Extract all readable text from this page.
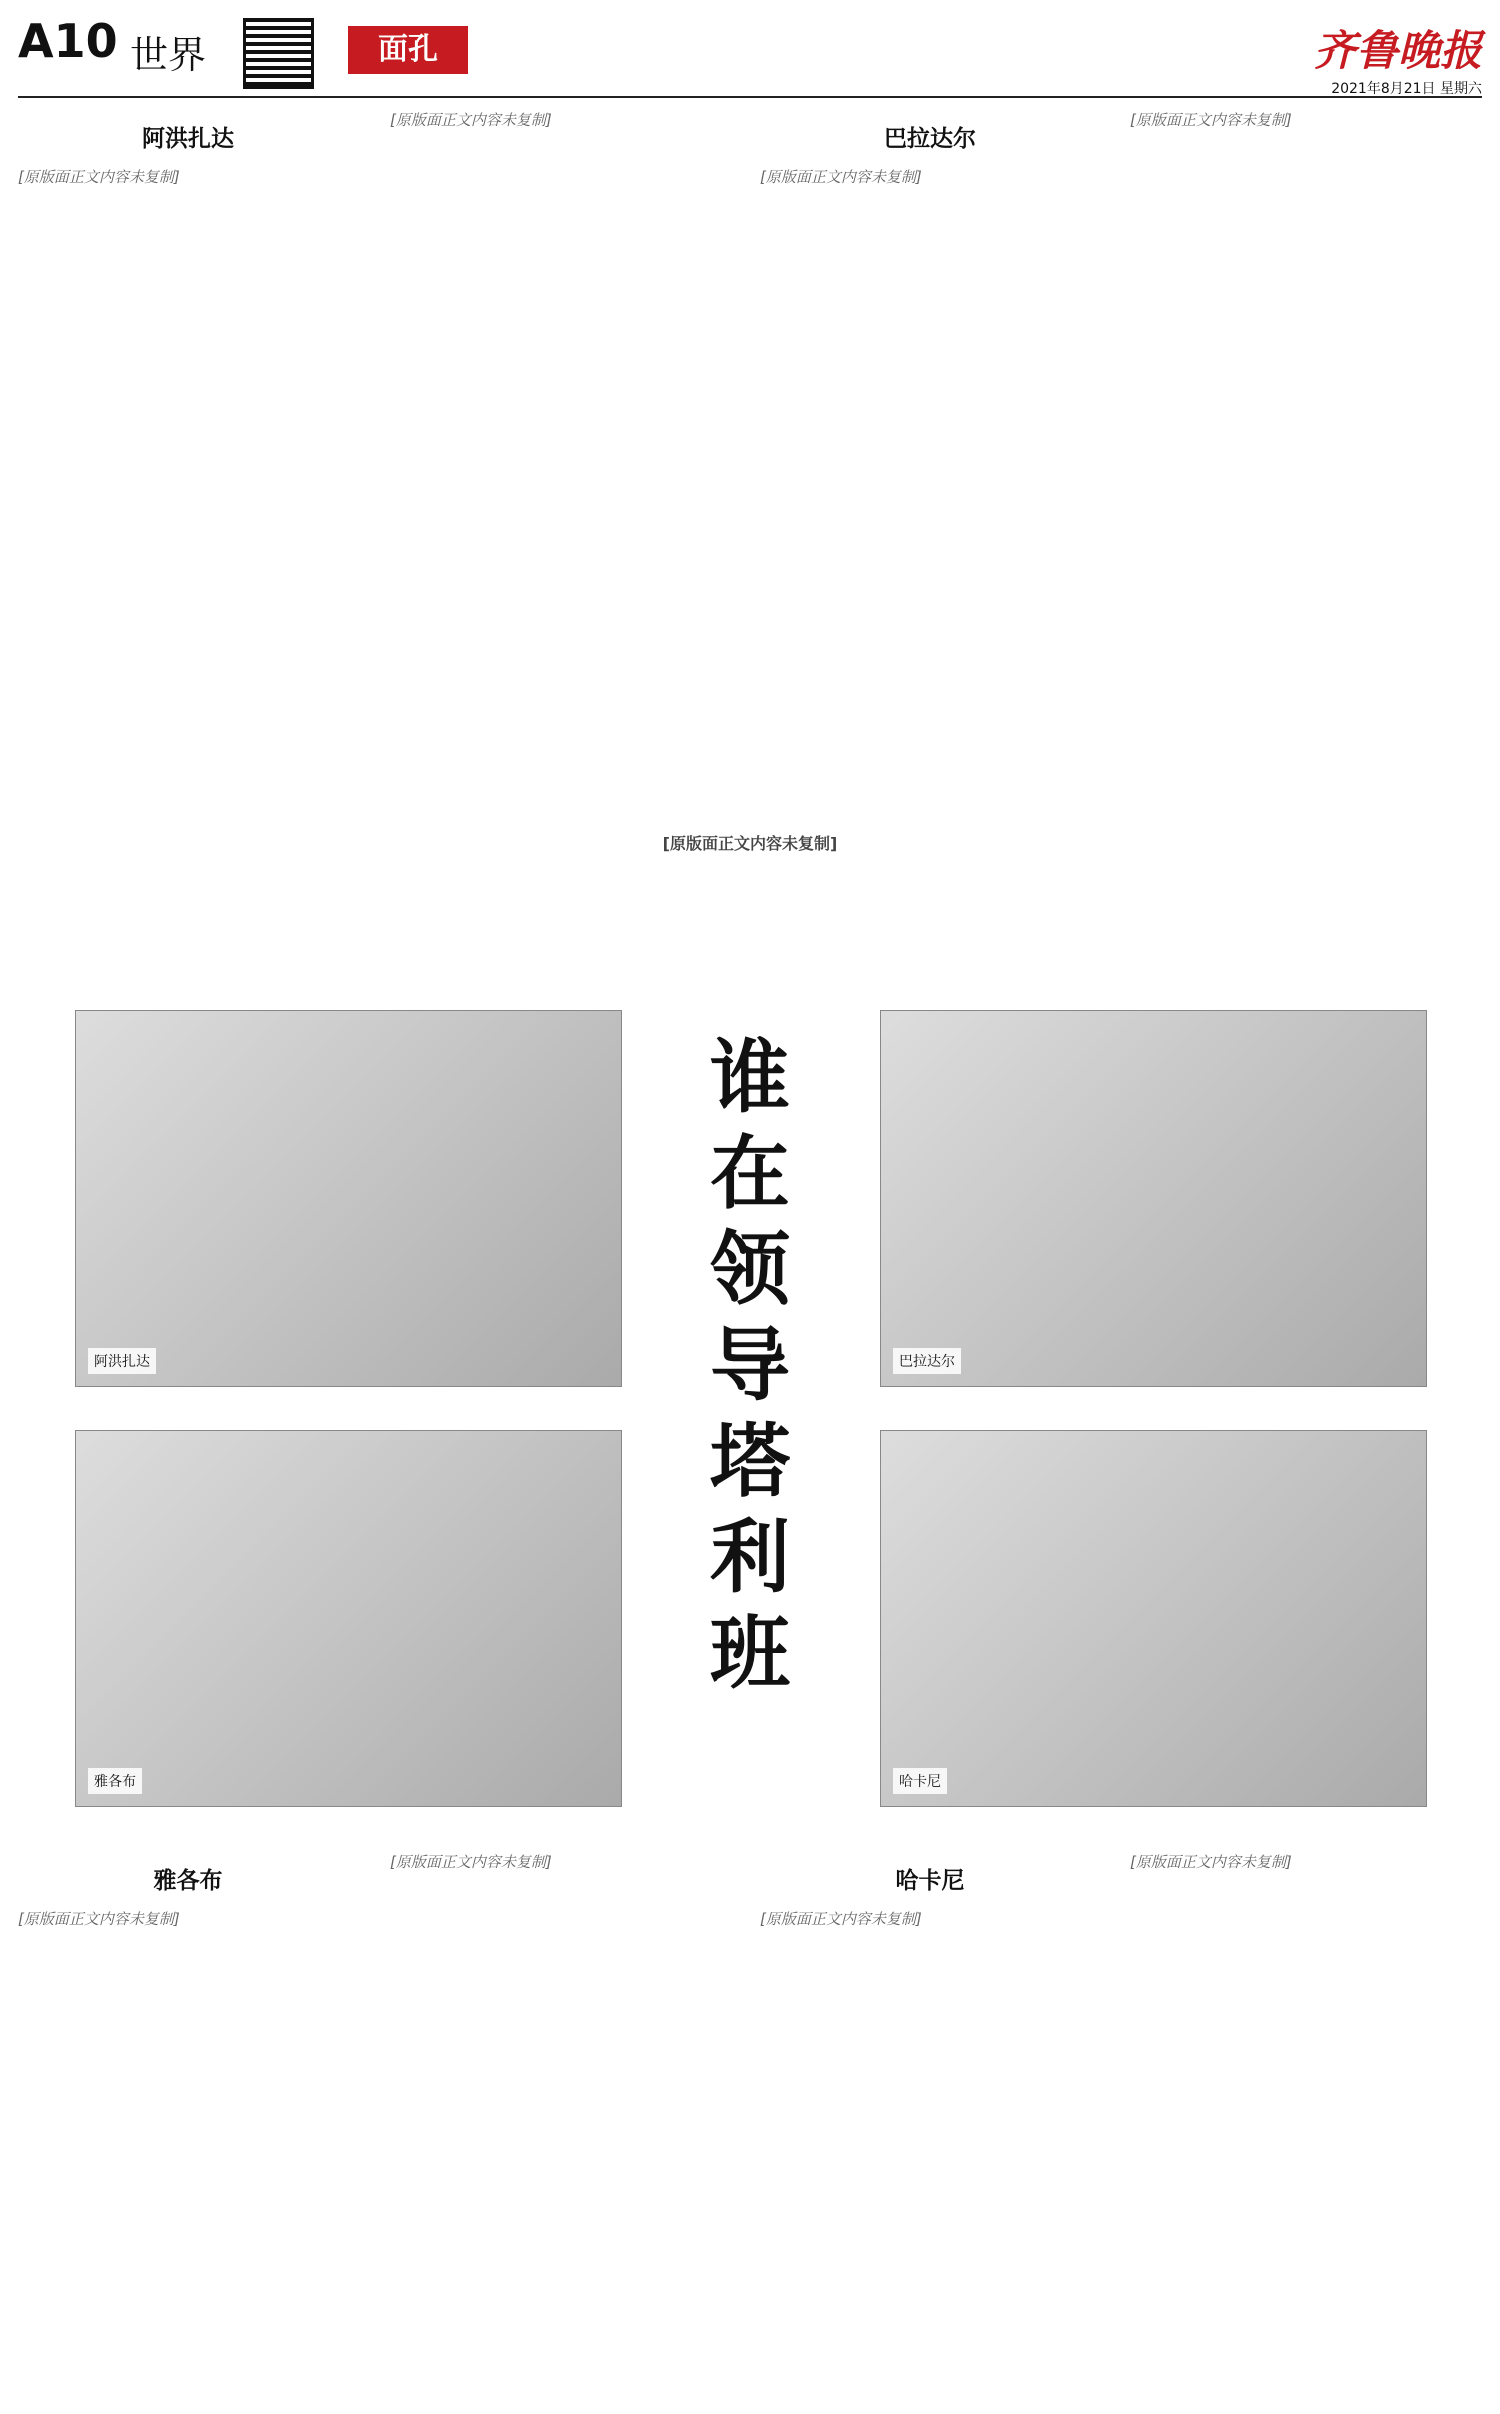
A10 世界	面孔	齐鲁晚报
2021年8月21日 星期六
阿洪扎达
[原版面正文内容未复制]
[原版面正文内容未复制]
巴拉达尔
[原版面正文内容未复制]
[原版面正文内容未复制]
[原版面正文内容未复制]
阿洪扎达	巴拉达尔
雅各布	哈卡尼
谁在领导塔利班
雅各布
[原版面正文内容未复制]
[原版面正文内容未复制]
哈卡尼
[原版面正文内容未复制]
[原版面正文内容未复制]
